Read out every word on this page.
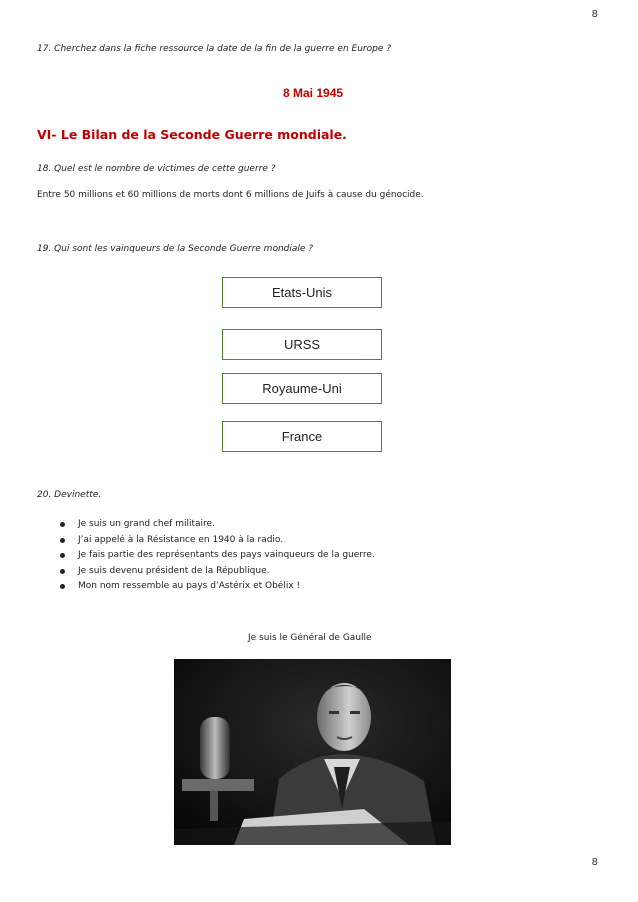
8
17. Cherchez dans la fiche ressource la date de la fin de la guerre en Europe ?
8 Mai 1945
VI- Le Bilan de la Seconde Guerre mondiale.
18. Quel est le nombre de victimes de cette guerre ?
Entre 50 millions et 60 millions de morts dont 6 millions de Juifs à cause du génocide.
19. Qui sont les vainqueurs de la Seconde Guerre mondiale ?
Etats-Unis
URSS
Royaume-Uni
France
20. Devinette.
Je suis un grand chef militaire.
J’ai appelé à la Résistance en 1940 à la radio.
Je fais partie des représentants des pays vainqueurs de la guerre.
Je suis devenu président de la République.
Mon nom ressemble au pays d’Astérix et Obélix !
Je suis le Général de Gaulle
8
